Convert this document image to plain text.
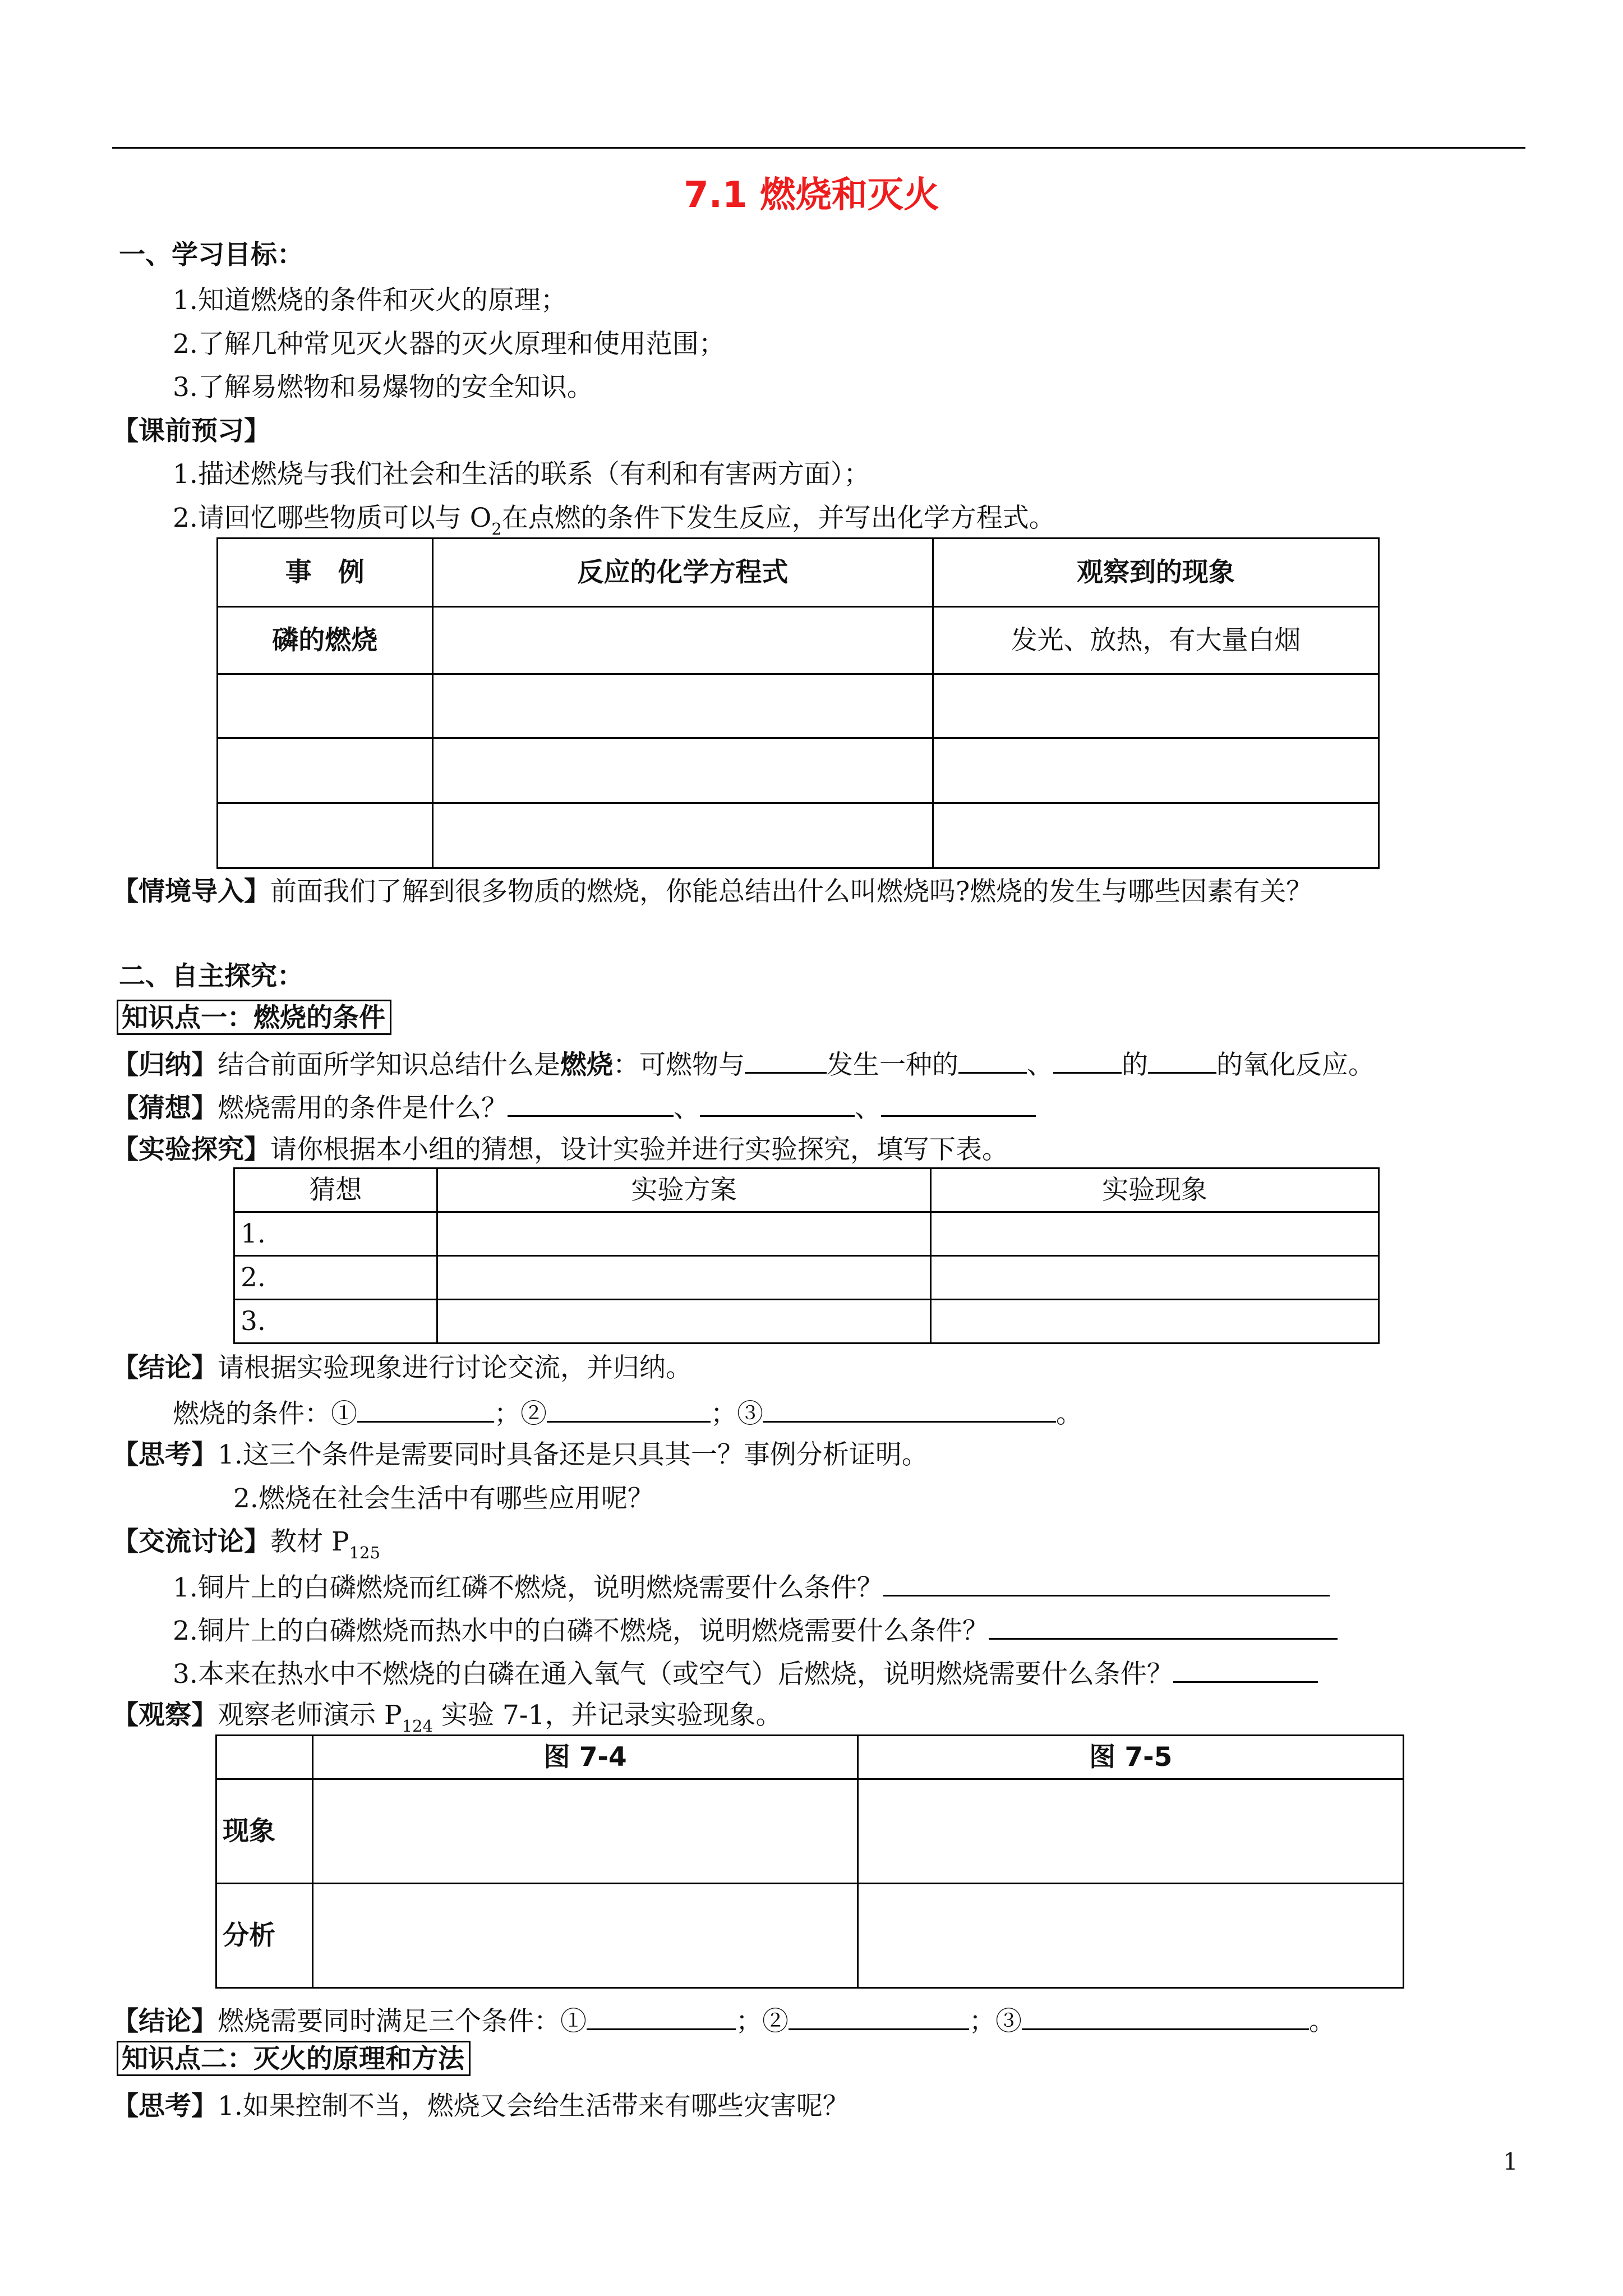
7.1 燃烧和灭火
一、学习目标：
1.知道燃烧的条件和灭火的原理；
2.了解几种常见灭火器的灭火原理和使用范围；
3.了解易燃物和易爆物的安全知识。
【课前预习】
1.描述燃烧与我们社会和生活的联系（有利和有害两方面）；
2.请回忆哪些物质可以与 $O_2$在点燃的条件下发生反应，并写出化学方程式。
事　例	反应的化学方程式	观察到的现象
磷的燃烧		发光、放热，有大量白烟

【情境导入】前面我们了解到很多物质的燃烧，你能总结出什么叫燃烧吗?燃烧的发生与哪些因素有关？
二、自主探究：
知识点一：燃烧的条件
【归纳】结合前面所学知识总结什么是燃烧：可燃物与	发生一种的	、	的	的氧化反应。
【猜想】燃烧需用的条件是什么？	、	、
【实验探究】请你根据本小组的猜想，设计实验并进行实验探究，填写下表。
猜想	实验方案	实验现象
1.		
2.		
3.		
【结论】请根据实验现象进行讨论交流，并归纳。
燃烧的条件：①	；②	；③	。
【思考】1.这三个条件是需要同时具备还是只具其一？事例分析证明。
2.燃烧在社会生活中有哪些应用呢？
【交流讨论】教材 $P_{125}$
1.铜片上的白磷燃烧而红磷不燃烧，说明燃烧需要什么条件？
2.铜片上的白磷燃烧而热水中的白磷不燃烧，说明燃烧需要什么条件？
3.本来在热水中不燃烧的白磷在通入氧气（或空气）后燃烧，说明燃烧需要什么条件？
【观察】观察老师演示 $P_{124}$ 实验 7-1，并记录实验现象。
	图 7-4	图 7-5
现象		
分析		
【结论】燃烧需要同时满足三个条件：①	；②	；③	。
知识点二：灭火的原理和方法
【思考】1.如果控制不当，燃烧又会给生活带来有哪些灾害呢？
1
